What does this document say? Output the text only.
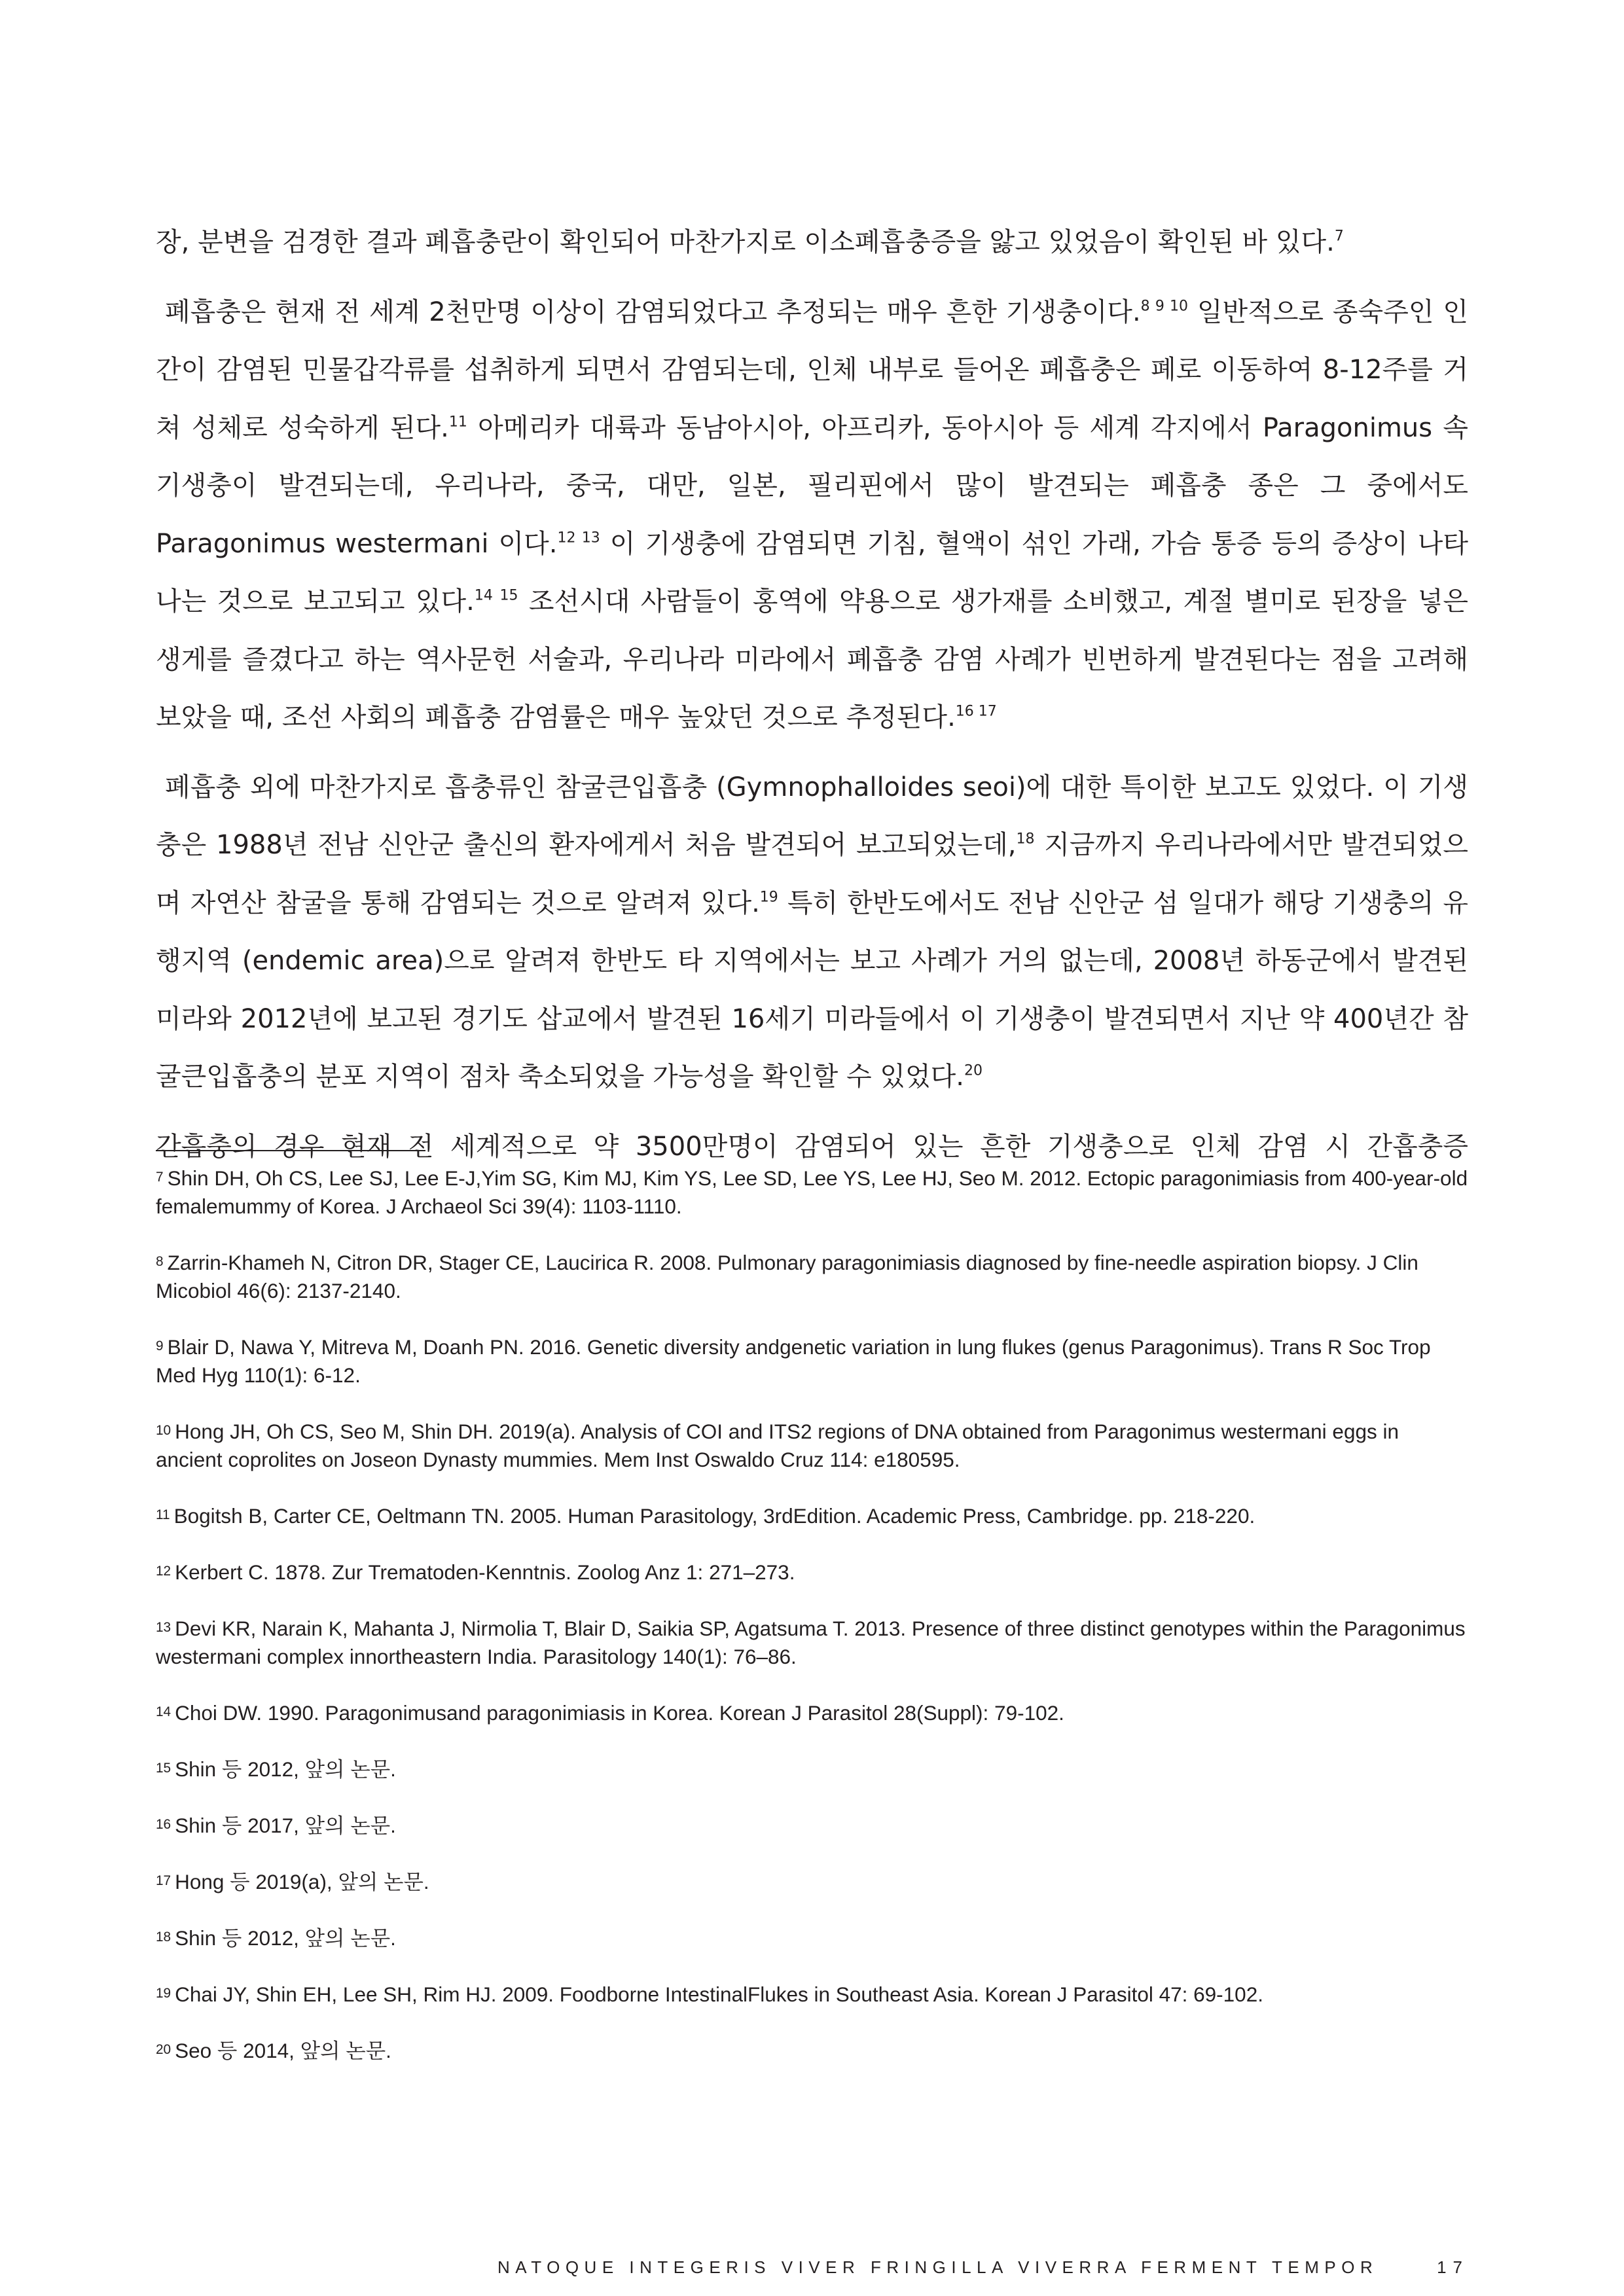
장, 분변을 검경한 결과 폐흡충란이 확인되어 마찬가지로 이소폐흡충증을 앓고 있었음이 확인된 바 있다.$^7$

폐흡충은 현재 전 세계 2천만명 이상이 감염되었다고 추정되는 매우 흔한 기생충이다.$^{8 9 10}$ 일반적으로 종숙주인 인간이 감염된 민물갑각류를 섭취하게 되면서 감염되는데, 인체 내부로 들어온 폐흡충은 폐로 이동하여 8-12주를 거쳐 성체로 성숙하게 된다.$^{11}$ 아메리카 대륙과 동남아시아, 아프리카, 동아시아 등 세계 각지에서 Paragonimus 속 기생충이 발견되는데, 우리나라, 중국, 대만, 일본, 필리핀에서 많이 발견되는 폐흡충 종은 그 중에서도 Paragonimus westermani 이다.$^{12 13}$ 이 기생충에 감염되면 기침, 혈액이 섞인 가래, 가슴 통증 등의 증상이 나타나는 것으로 보고되고 있다.$^{14 15}$ 조선시대 사람들이 홍역에 약용으로 생가재를 소비했고, 계절 별미로 된장을 넣은 생게를 즐겼다고 하는 역사문헌 서술과, 우리나라 미라에서 폐흡충 감염 사례가 빈번하게 발견된다는 점을 고려해 보았을 때, 조선 사회의 폐흡충 감염률은 매우 높았던 것으로 추정된다.$^{16 17}$

폐흡충 외에 마찬가지로 흡충류인 참굴큰입흡충 (Gymnophalloides seoi)에 대한 특이한 보고도 있었다. 이 기생충은 1988년 전남 신안군 출신의 환자에게서 처음 발견되어 보고되었는데,$^{18}$ 지금까지 우리나라에서만 발견되었으며 자연산 참굴을 통해 감염되는 것으로 알려져 있다.$^{19}$ 특히 한반도에서도 전남 신안군 섬 일대가 해당 기생충의 유행지역 (endemic area)으로 알려져 한반도 타 지역에서는 보고 사례가 거의 없는데, 2008년 하동군에서 발견된 미라와 2012년에 보고된 경기도 삽교에서 발견된 16세기 미라들에서 이 기생충이 발견되면서 지난 약 400년간 참굴큰입흡충의 분포 지역이 점차 축소되었을 가능성을 확인할 수 있었다.$^{20}$

간흡충의 경우 현재 전 세계적으로 약 3500만명이 감염되어 있는 흔한 기생충으로 인체 감염 시 간흡충증

7 Shin DH, Oh CS, Lee SJ, Lee E-J,Yim SG, Kim MJ, Kim YS, Lee SD, Lee YS, Lee HJ, Seo M. 2012. Ectopic paragonimiasis from 400-year-old femalemummy of Korea. J Archaeol Sci 39(4): 1103-1110.
8 Zarrin-Khameh N, Citron DR, Stager CE, Laucirica R. 2008. Pulmonary paragonimiasis diagnosed by fine-needle aspiration biopsy. J Clin Micobiol 46(6): 2137-2140.
9 Blair D, Nawa Y, Mitreva M, Doanh PN. 2016. Genetic diversity andgenetic variation in lung flukes (genus Paragonimus). Trans R Soc Trop Med Hyg 110(1): 6-12.
10 Hong JH, Oh CS, Seo M, Shin DH. 2019(a). Analysis of COI and ITS2 regions of DNA obtained from Paragonimus westermani eggs in ancient coprolites on Joseon Dynasty mummies. Mem Inst Oswaldo Cruz 114: e180595.
11 Bogitsh B, Carter CE, Oeltmann TN. 2005. Human Parasitology, 3rdEdition. Academic Press, Cambridge. pp. 218-220.
12 Kerbert C. 1878. Zur Trematoden-Kenntnis. Zoolog Anz 1: 271–273.
13 Devi KR, Narain K, Mahanta J, Nirmolia T, Blair D, Saikia SP, Agatsuma T. 2013. Presence of three distinct genotypes within the Paragonimus westermani complex innortheastern India. Parasitology 140(1): 76–86.
14 Choi DW. 1990. Paragonimusand paragonimiasis in Korea. Korean J Parasitol 28(Suppl): 79-102.
15 Shin 등 2012, 앞의 논문.
16 Shin 등 2017, 앞의 논문.
17 Hong 등 2019(a), 앞의 논문.
18 Shin 등 2012, 앞의 논문.
19 Chai JY, Shin EH, Lee SH, Rim HJ. 2009. Foodborne IntestinalFlukes in Southeast Asia. Korean J Parasitol 47: 69-102.
20 Seo 등 2014, 앞의 논문.
NATOQUE INTEGERIS VIVER FRINGILLA VIVERRA FERMENT TEMPOR	17
